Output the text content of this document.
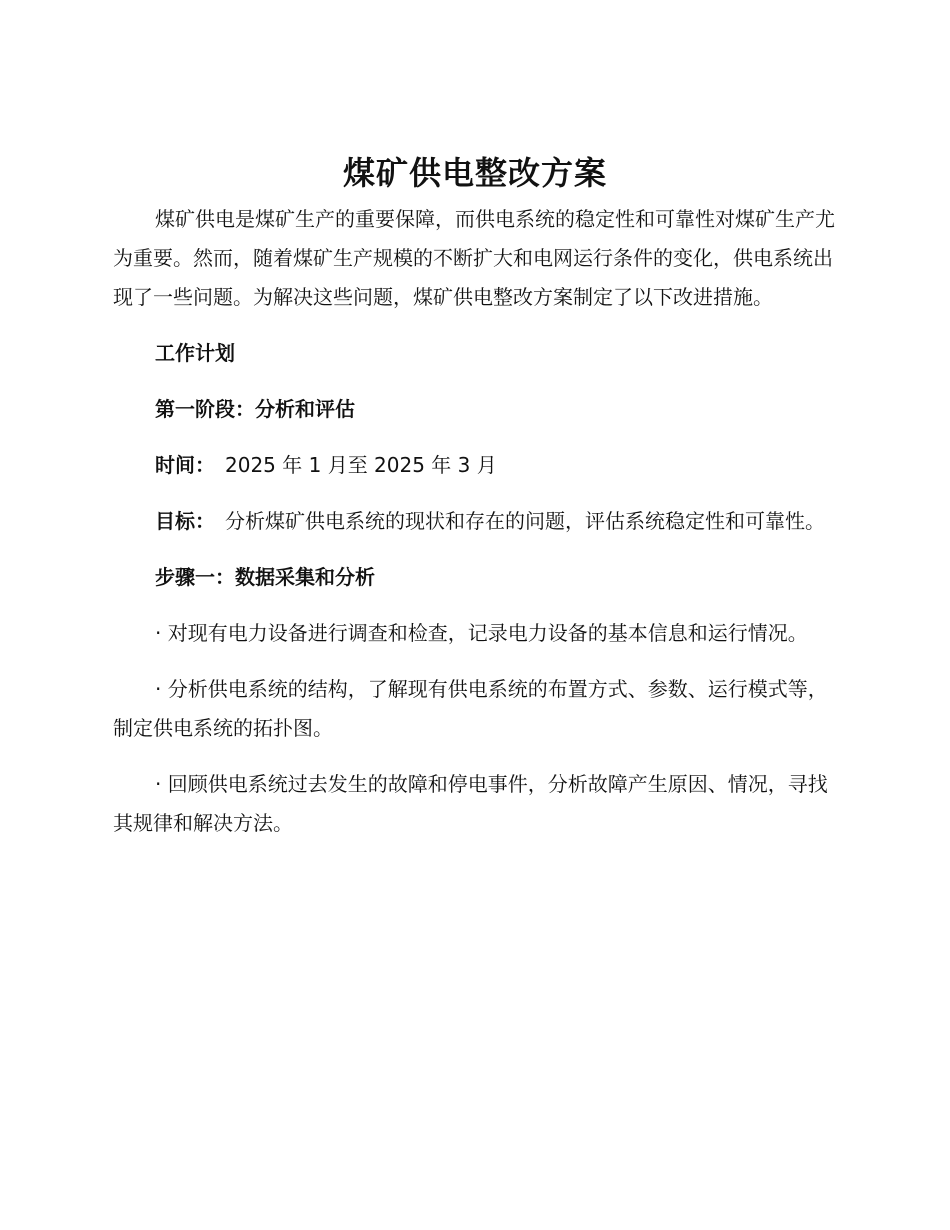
煤矿供电整改方案

煤矿供电是煤矿生产的重要保障，而供电系统的稳定性和可靠性对煤矿生产尤为重要。然而，随着煤矿生产规模的不断扩大和电网运行条件的变化，供电系统出现了一些问题。为解决这些问题，煤矿供电整改方案制定了以下改进措施。

工作计划

第一阶段：分析和评估

时间： 2025 年 1 月至 2025 年 3 月

目标： 分析煤矿供电系统的现状和存在的问题，评估系统稳定性和可靠性。

步骤一：数据采集和分析

· 对现有电力设备进行调查和检查，记录电力设备的基本信息和运行情况。

· 分析供电系统的结构，了解现有供电系统的布置方式、参数、运行模式等，制定供电系统的拓扑图。

· 回顾供电系统过去发生的故障和停电事件，分析故障产生原因、情况，寻找其规律和解决方法。
